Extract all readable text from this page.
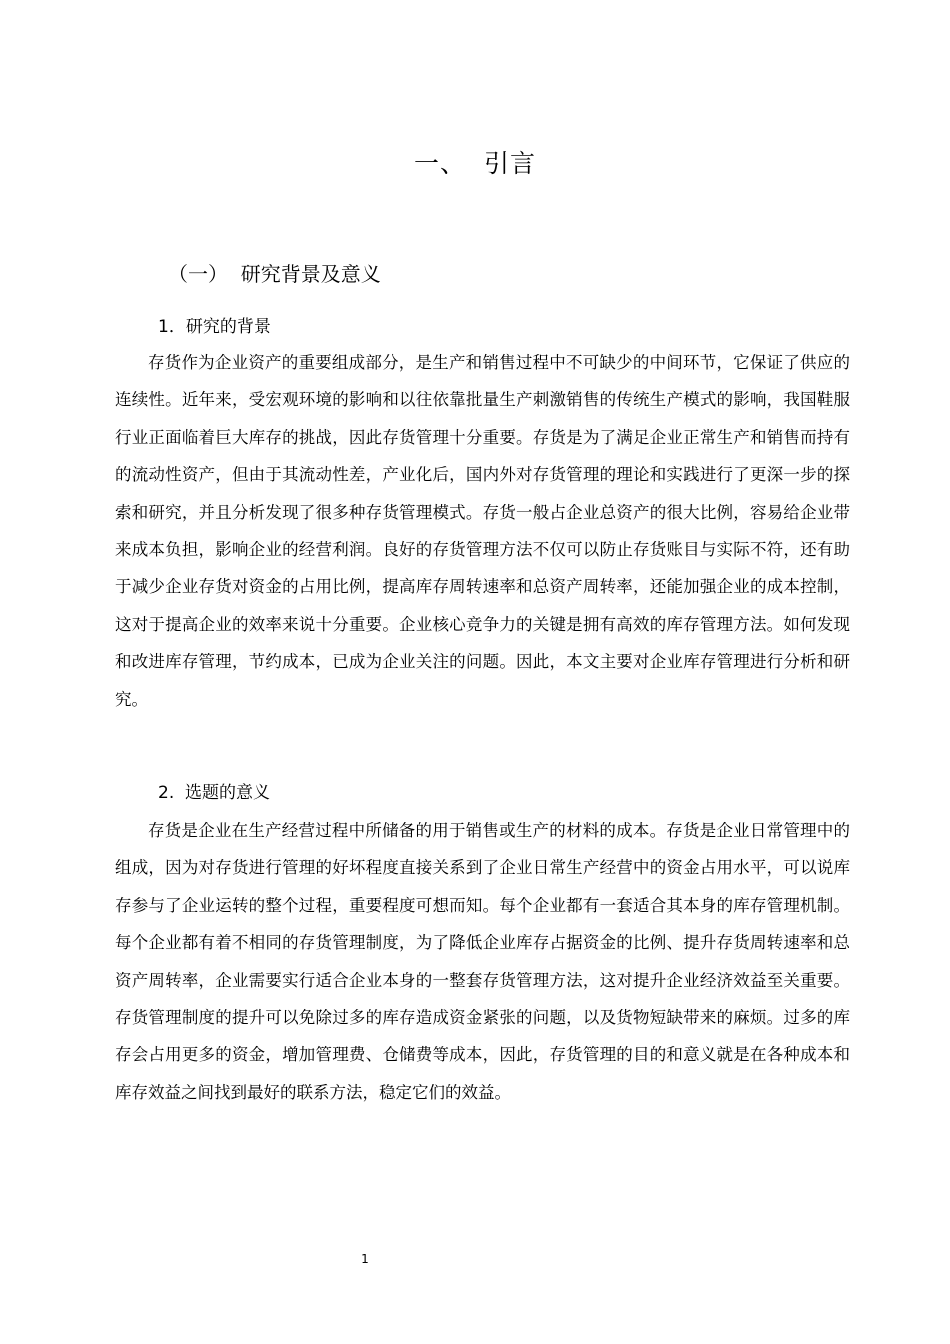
一、  引言
（一）  研究背景及意义
1．研究的背景

存货作为企业资产的重要组成部分，是生产和销售过程中不可缺少的中间环节，它保证了供应的连续性。近年来，受宏观环境的影响和以往依靠批量生产刺激销售的传统生产模式的影响，我国鞋服行业正面临着巨大库存的挑战，因此存货管理十分重要。存货是为了满足企业正常生产和销售而持有的流动性资产，但由于其流动性差，产业化后，国内外对存货管理的理论和实践进行了更深一步的探索和研究，并且分析发现了很多种存货管理模式。存货一般占企业总资产的很大比例，容易给企业带来成本负担，影响企业的经营利润。良好的存货管理方法不仅可以防止存货账目与实际不符，还有助于减少企业存货对资金的占用比例，提高库存周转速率和总资产周转率，还能加强企业的成本控制，这对于提高企业的效率来说十分重要。企业核心竞争力的关键是拥有高效的库存管理方法。如何发现和改进库存管理，节约成本，已成为企业关注的问题。因此，本文主要对企业库存管理进行分析和研究。

2.  选题的意义

存货是企业在生产经营过程中所储备的用于销售或生产的材料的成本。存货是企业日常管理中的组成，因为对存货进行管理的好坏程度直接关系到了企业日常生产经营中的资金占用水平，可以说库存参与了企业运转的整个过程，重要程度可想而知。每个企业都有一套适合其本身的库存管理机制。每个企业都有着不相同的存货管理制度，为了降低企业库存占据资金的比例、提升存货周转速率和总资产周转率，企业需要实行适合企业本身的一整套存货管理方法，这对提升企业经济效益至关重要。存货管理制度的提升可以免除过多的库存造成资金紧张的问题，以及货物短缺带来的麻烦。过多的库存会占用更多的资金，增加管理费、仓储费等成本，因此，存货管理的目的和意义就是在各种成本和库存效益之间找到最好的联系方法，稳定它们的效益。

1
